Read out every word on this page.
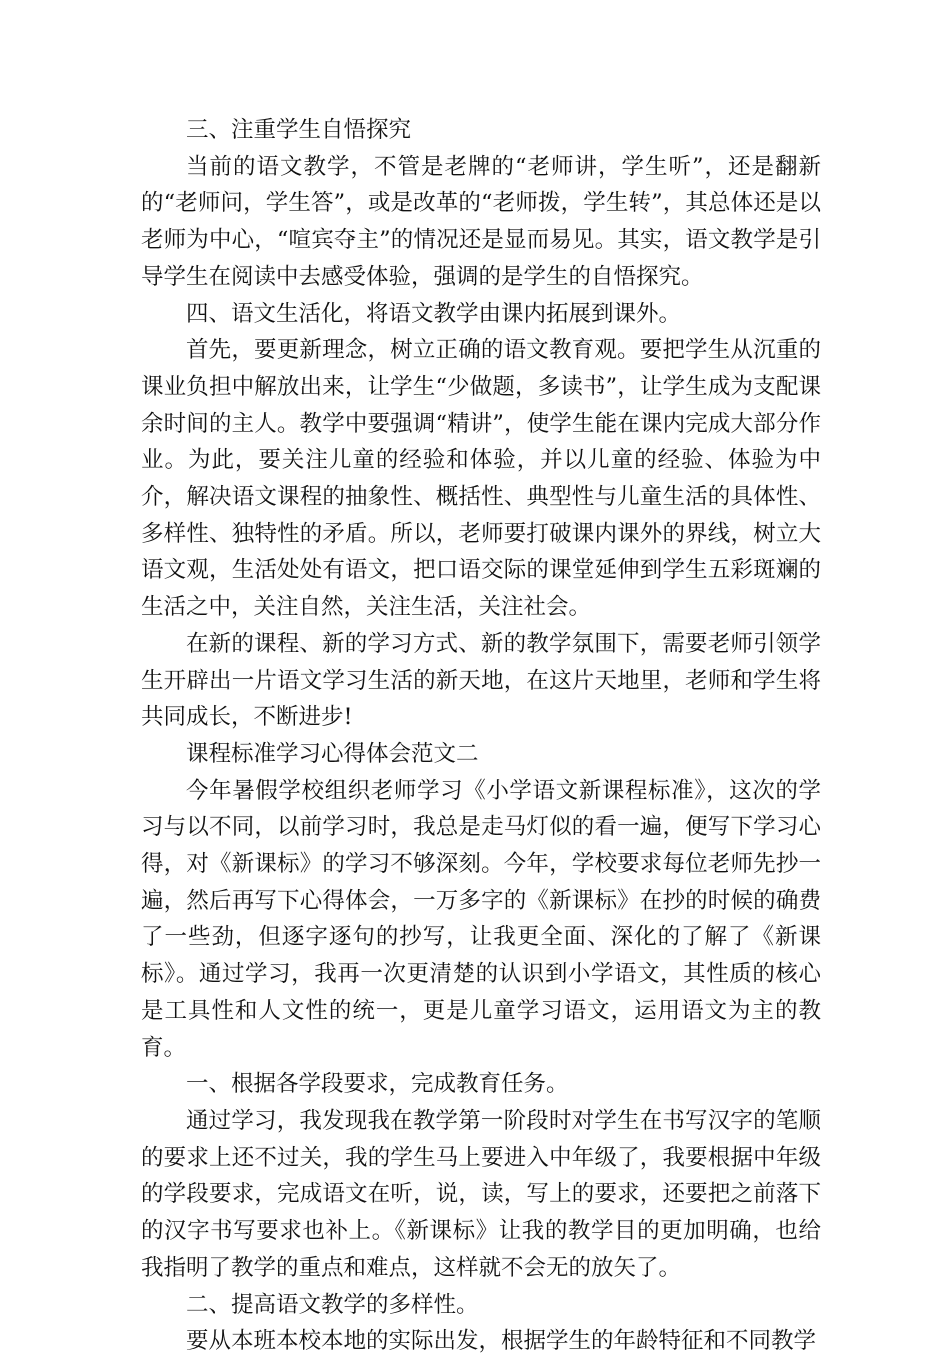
三、注重学生自悟探究

当前的语文教学，不管是老牌的“老师讲，学生听”，还是翻新的“老师问，学生答”，或是改革的“老师拨，学生转”，其总体还是以老师为中心，“喧宾夺主”的情况还是显而易见。其实，语文教学是引导学生在阅读中去感受体验，强调的是学生的自悟探究。

四、语文生活化，将语文教学由课内拓展到课外。

首先，要更新理念，树立正确的语文教育观。要把学生从沉重的课业负担中解放出来，让学生“少做题，多读书”，让学生成为支配课余时间的主人。教学中要强调“精讲”，使学生能在课内完成大部分作业。为此，要关注儿童的经验和体验，并以儿童的经验、体验为中介，解决语文课程的抽象性、概括性、典型性与儿童生活的具体性、多样性、独特性的矛盾。所以，老师要打破课内课外的界线，树立大语文观，生活处处有语文，把口语交际的课堂延伸到学生五彩斑斓的生活之中，关注自然，关注生活，关注社会。

在新的课程、新的学习方式、新的教学氛围下，需要老师引领学生开辟出一片语文学习生活的新天地，在这片天地里，老师和学生将共同成长，不断进步!

课程标准学习心得体会范文二

今年暑假学校组织老师学习《小学语文新课程标准》，这次的学习与以不同，以前学习时，我总是走马灯似的看一遍，便写下学习心得，对《新课标》的学习不够深刻。今年，学校要求每位老师先抄一遍，然后再写下心得体会，一万多字的《新课标》在抄的时候的确费了一些劲，但逐字逐句的抄写，让我更全面、深化的了解了《新课标》。通过学习，我再一次更清楚的认识到小学语文，其性质的核心是工具性和人文性的统一，更是儿童学习语文，运用语文为主的教育。

一、根据各学段要求，完成教育任务。

通过学习，我发现我在教学第一阶段时对学生在书写汉字的笔顺的要求上还不过关，我的学生马上要进入中年级了，我要根据中年级的学段要求，完成语文在听，说，读，写上的要求，还要把之前落下的汉字书写要求也补上。《新课标》让我的教学目的更加明确，也给我指明了教学的重点和难点，这样就不会无的放矢了。

二、提高语文教学的多样性。

要从本班本校本地的实际出发，根据学生的年龄特征和不同教学
